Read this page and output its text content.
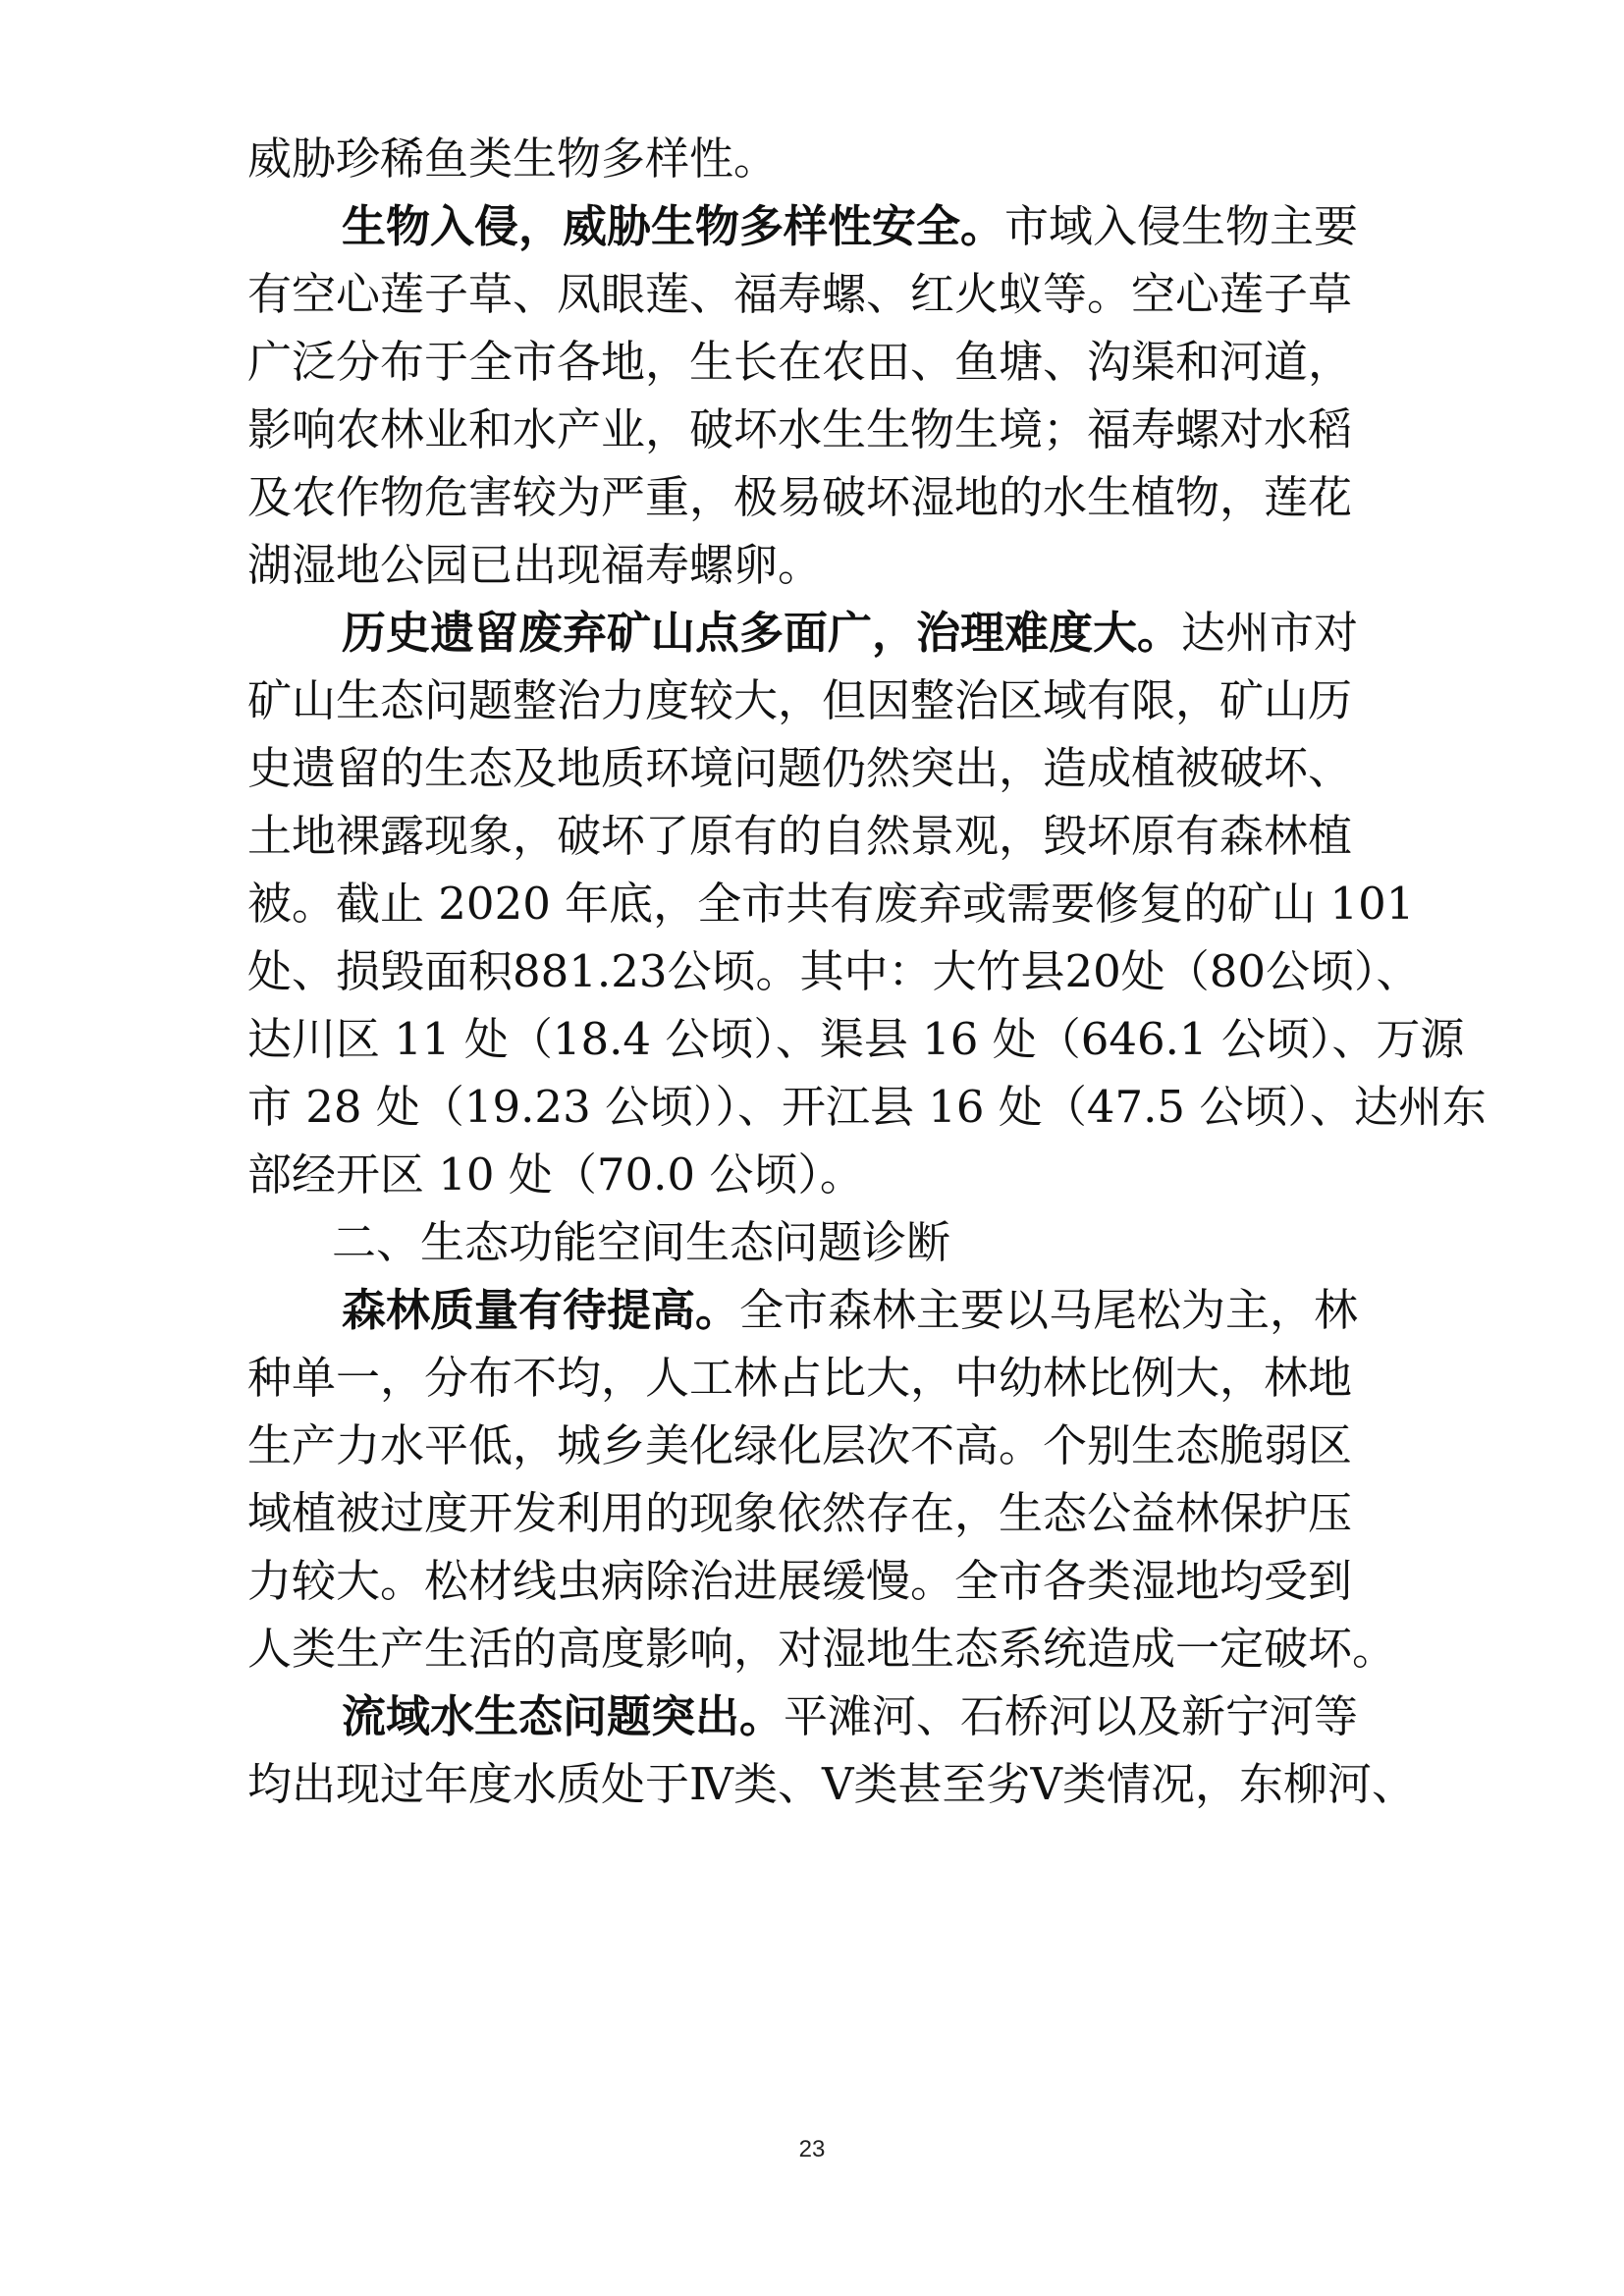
威胁珍稀鱼类生物多样性。
生物入侵，威胁生物多样性安全。市域入侵生物主要
有空心莲子草、凤眼莲、福寿螺、红火蚁等。空心莲子草
广泛分布于全市各地，生长在农田、鱼塘、沟渠和河道，
影响农林业和水产业，破坏水生生物生境；福寿螺对水稻
及农作物危害较为严重，极易破坏湿地的水生植物，莲花
湖湿地公园已出现福寿螺卵。
历史遗留废弃矿山点多面广，治理难度大。达州市对
矿山生态问题整治力度较大，但因整治区域有限，矿山历
史遗留的生态及地质环境问题仍然突出，造成植被破坏、
土地裸露现象，破坏了原有的自然景观，毁坏原有森林植
被。截止 2020 年底，全市共有废弃或需要修复的矿山 101
处、损毁面积881.23公顷。其中：大竹县20处（80公顷）、
达川区 11 处（18.4 公顷）、渠县 16 处（646.1 公顷）、万源
市 28 处（19.23 公顷））、开江县 16 处（47.5 公顷）、达州东
部经开区 10 处（70.0 公顷）。
二、生态功能空间生态问题诊断
森林质量有待提高。全市森林主要以马尾松为主，林
种单一，分布不均，人工林占比大，中幼林比例大，林地
生产力水平低，城乡美化绿化层次不高。个别生态脆弱区
域植被过度开发利用的现象依然存在，生态公益林保护压
力较大。松材线虫病除治进展缓慢。全市各类湿地均受到
人类生产生活的高度影响，对湿地生态系统造成一定破坏。
流域水生态问题突出。平滩河、石桥河以及新宁河等
均出现过年度水质处于Ⅳ类、Ⅴ类甚至劣Ⅴ类情况，东柳河、
23
